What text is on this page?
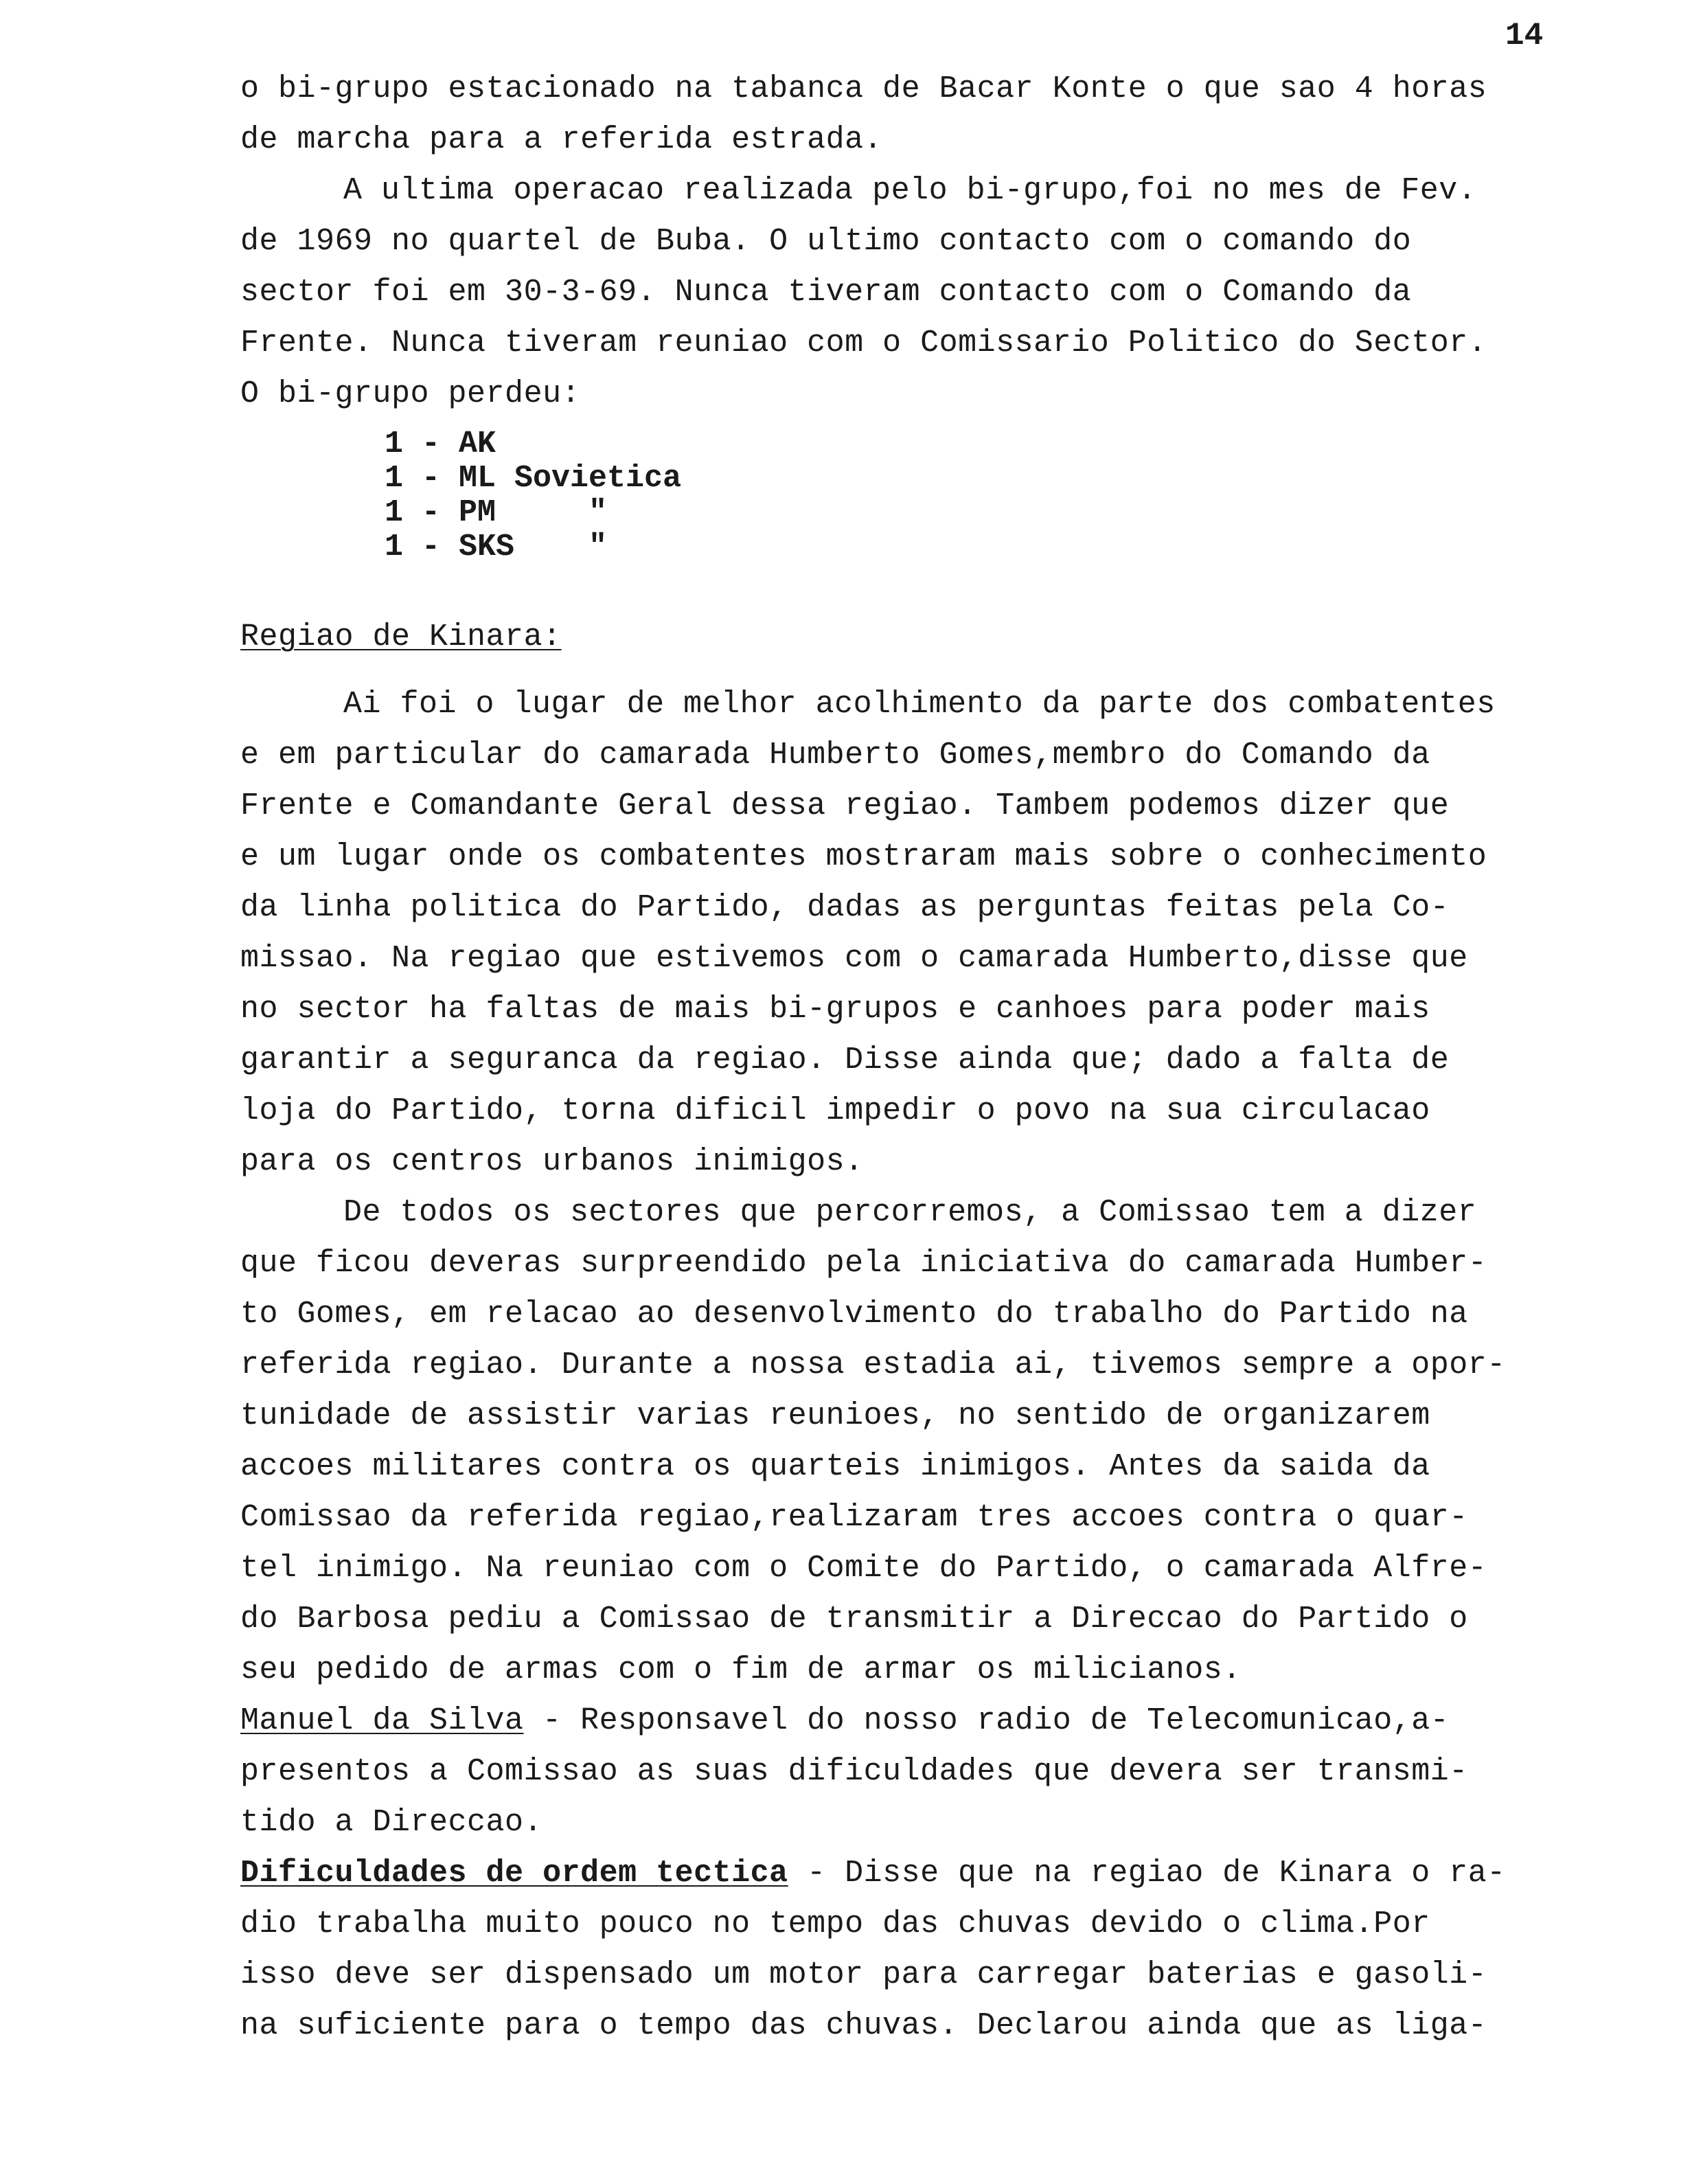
14
o bi-grupo estacionado na tabanca de Bacar Konte o que sao 4 horas
de marcha para a referida estrada.
A ultima operacao realizada pelo bi-grupo,foi no mes de Fev.
de 1969 no quartel de Buba. O ultimo contacto com o comando do
sector foi em 30-3-69. Nunca tiveram contacto com o Comando da
Frente. Nunca tiveram reuniao com o Comissario Politico do Sector.
O bi-grupo perdeu:
1 - AK
1 - ML Sovietica
1 - PM     "
1 - SKS    "
Regiao de Kinara:
Ai foi o lugar de melhor acolhimento da parte dos combatentes
e em particular do camarada Humberto Gomes,membro do Comando da
Frente e Comandante Geral dessa regiao. Tambem podemos dizer que
e um lugar onde os combatentes mostraram mais sobre o conhecimento
da linha politica do Partido, dadas as perguntas feitas pela Co-
missao. Na regiao que estivemos com o camarada Humberto,disse que
no sector ha faltas de mais bi-grupos e canhoes para poder mais
garantir a seguranca da regiao. Disse ainda que; dado a falta de
loja do Partido, torna dificil impedir o povo na sua circulacao
para os centros urbanos inimigos.
De todos os sectores que percorremos, a Comissao tem a dizer
que ficou deveras surpreendido pela iniciativa do camarada Humber-
to Gomes, em relacao ao desenvolvimento do trabalho do Partido na
referida regiao. Durante a nossa estadia ai, tivemos sempre a opor-
tunidade de assistir varias reunioes, no sentido de organizarem
accoes militares contra os quarteis inimigos. Antes da saida da
Comissao da referida regiao,realizaram tres accoes contra o quar-
tel inimigo. Na reuniao com o Comite do Partido, o camarada Alfre-
do Barbosa pediu a Comissao de transmitir a Direccao do Partido o
seu pedido de armas com o fim de armar os milicianos.
Manuel da Silva - Responsavel do nosso radio de Telecomunicao,a-
presentos a Comissao as suas dificuldades que devera ser transmi-
tido a Direccao.
Dificuldades de ordem tectica - Disse que na regiao de Kinara o ra-
dio trabalha muito pouco no tempo das chuvas devido o clima.Por
isso deve ser dispensado um motor para carregar baterias e gasoli-
na suficiente para o tempo das chuvas. Declarou ainda que as liga-
